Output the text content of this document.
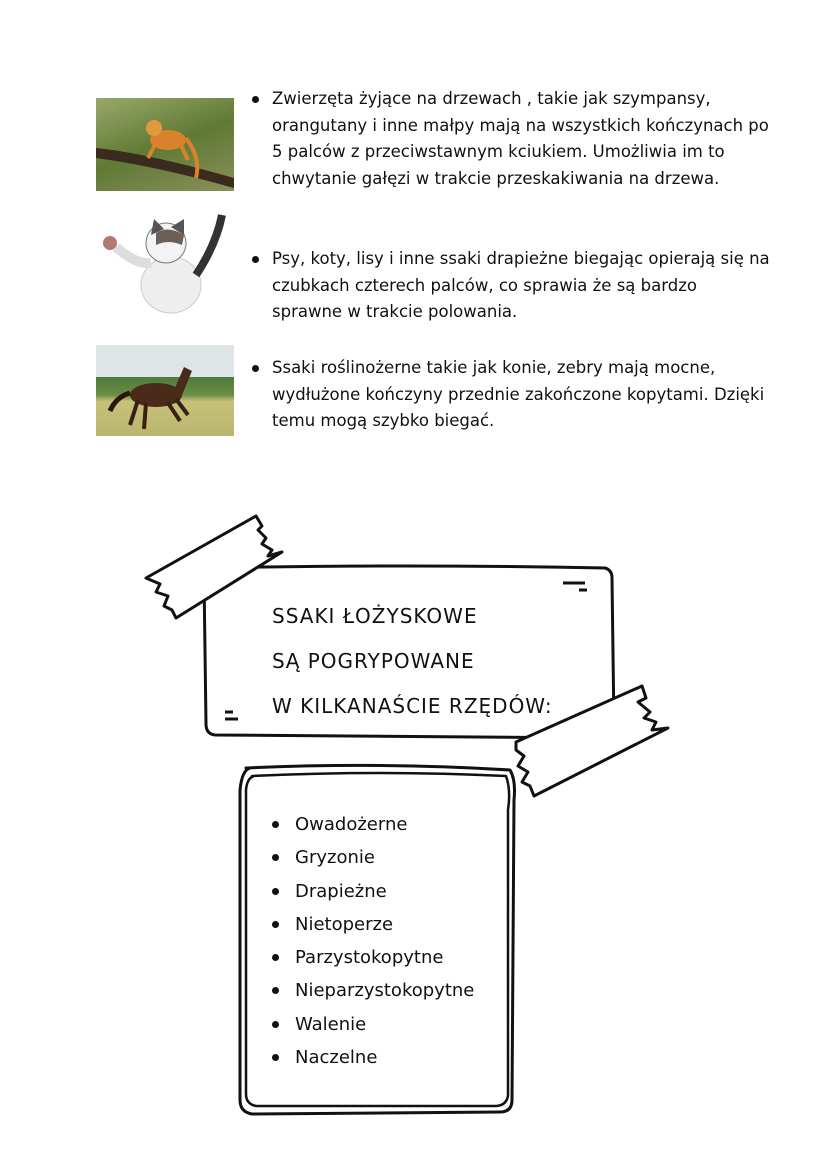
Zwierzęta żyjące na drzewach , takie jak szympansy, orangutany i inne małpy mają na wszystkich kończynach po 5 palców z przeciwstawnym kciukiem. Umożliwia im to chwytanie gałęzi w trakcie przeskakiwania na drzewa.
Psy, koty, lisy i inne ssaki drapieżne biegając opierają się na czubkach czterech palców, co sprawia że są bardzo sprawne w trakcie polowania.
Ssaki roślinożerne takie jak konie, zebry mają mocne, wydłużone kończyny przednie zakończone kopytami. Dzięki temu mogą szybko biegać.
SSAKI ŁOŻYSKOWE
SĄ POGRYPOWANE
W KILKANAŚCIE RZĘDÓW:
Owadożerne
Gryzonie
Drapieżne
Nietoperze
Parzystokopytne
Nieparzystokopytne
Walenie
Naczelne
